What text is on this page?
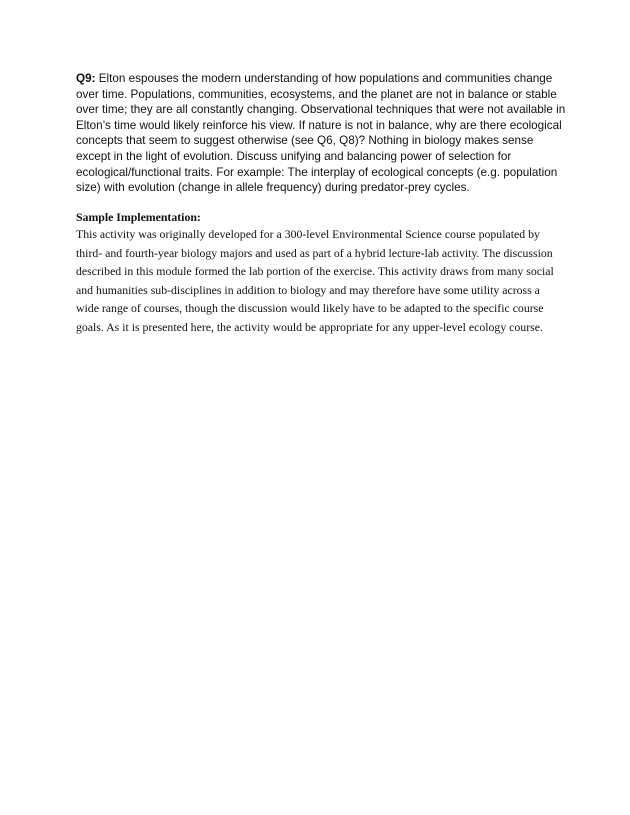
Q9: Elton espouses the modern understanding of how populations and communities change
over time. Populations, communities, ecosystems, and the planet are not in balance or stable
over time; they are all constantly changing. Observational techniques that were not available in
Elton’s time would likely reinforce his view. If nature is not in balance, why are there ecological
concepts that seem to suggest otherwise (see Q6, Q8)? Nothing in biology makes sense
except in the light of evolution. Discuss unifying and balancing power of selection for
ecological/functional traits. For example: The interplay of ecological concepts (e.g. population
size) with evolution (change in allele frequency) during predator-prey cycles.

Sample Implementation:

This activity was originally developed for a 300-level Environmental Science course populated by
third- and fourth-year biology majors and used as part of a hybrid lecture-lab activity. The discussion
described in this module formed the lab portion of the exercise. This activity draws from many social
and humanities sub-disciplines in addition to biology and may therefore have some utility across a
wide range of courses, though the discussion would likely have to be adapted to the specific course
goals. As it is presented here, the activity would be appropriate for any upper-level ecology course.
